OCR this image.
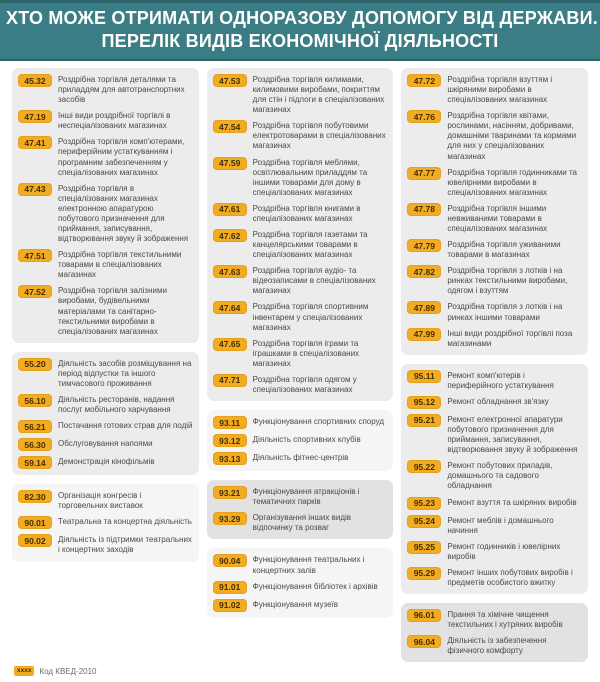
ХТО МОЖЕ ОТРИМАТИ ОДНОРАЗОВУ ДОПОМОГУ ВІД ДЕРЖАВИ.
ПЕРЕЛІК ВИДІВ ЕКОНОМІЧНОЇ ДІЯЛЬНОСТІ
45.32	Роздрібна торгівля деталями та приладдям для автотранспортних засобів
47.19	Інші види роздрібної торгівлі в неспеціалізованих магазинах
47.41	Роздрібна торгівля комп'ютерами, периферійним устаткуванням і програмним забезпеченням у спеціалізованих магазинах
47.43	Роздрібна торгівля в спеціалізованих магазинах електронною апаратурою побутового призначення для приймання, записування, відтворювання звуку й зображення
47.51	Роздрібна торгівля текстильними товарами в спеціалізованих магазинах
47.52	Роздрібна торгівля залізними виробами, будівельними матеріалами та санітарно-текстильними виробами в спеціалізованих магазинах
55.20	Діяльність засобів розміщування на період відпустки та іншого тимчасового проживання
56.10	Діяльність ресторанів, надання послуг мобільного харчування
56.21	Постачання готових страв для подій
56.30	Обслуговування напоями
59.14	Демонстрація кінофільмів
82.30	Організація конгресів і торговельних виставок
90.01	Театральна та концертна діяльність
90.02	Діяльність із підтримки театральних і концертних заходів
47.53	Роздрібна торгівля килимами, килимовими виробами, покриттям для стін і підлоги в спеціалізованих магазинах
47.54	Роздрібна торгівля побутовими електротоварами в спеціалізованих магазинах
47.59	Роздрібна торгівля меблями, освітлювальним приладдям та іншими товарами для дому в спеціалізованих магазинах
47.61	Роздрібна торгівля книгами в спеціалізованих магазинах
47.62	Роздрібна торгівля газетами та канцелярськими товарами в спеціалізованих магазинах
47.63	Роздрібна торгівля аудіо- та відеозаписами в спеціалізованих магазинах
47.64	Роздрібна торгівля спортивним інвентарем у спеціалізованих магазинах
47.65	Роздрібна торгівля іграми та іграшками в спеціалізованих магазинах
47.71	Роздрібна торгівля одягом у спеціалізованих магазинах
93.11	Функціонування спортивних споруд
93.12	Діяльність спортивних клубів
93.13	Діяльність фітнес-центрів
93.21	Функціонування атракціонів і тематичних парків
93.29	Організування інших видів відпочинку та розваг
90.04	Функціонування театральних і концертних залів
91.01	Функціонування бібліотек і архівів
91.02	Функціонування музеїв
47.72	Роздрібна торгівля взуттям і шкіряними виробами в спеціалізованих магазинах
47.76	Роздрібна торгівля квітами, рослинами, насінням, добривами, домашніми тваринами та кормами для них у спеціалізованих магазинах
47.77	Роздрібна торгівля годинниками та ювелірними виробами в спеціалізованих магазинах
47.78	Роздрібна торгівля іншими невживаними товарами в спеціалізованих магазинах
47.79	Роздрібна торгівля уживаними товарами в магазинах
47.82	Роздрібна торгівля з лотків і на ринках текстильними виробами, одягом і взуттям
47.89	Роздрібна торгівля з лотків і на ринках іншими товарами
47.99	Інші види роздрібної торгівлі поза магазинами
95.11	Ремонт комп'ютерів і периферійного устаткування
95.12	Ремонт обладнання зв'язку
95.21	Ремонт електронної апаратури побутового призначення для приймання, записування, відтворювання звуку й зображення
95.22	Ремонт побутових приладів, домашнього та садового обладнання
95.23	Ремонт взуття та шкіряних виробів
95.24	Ремонт меблів і домашнього начиння
95.25	Ремонт годинників і ювелірних виробів
95.29	Ремонт інших побутових виробів і предметів особистого вжитку
96.01	Прання та хімічне чищення текстильних і хутряних виробів
96.04	Діяльність із забезпечення фізичного комфорту
хххх	Код КВЕД-2010
